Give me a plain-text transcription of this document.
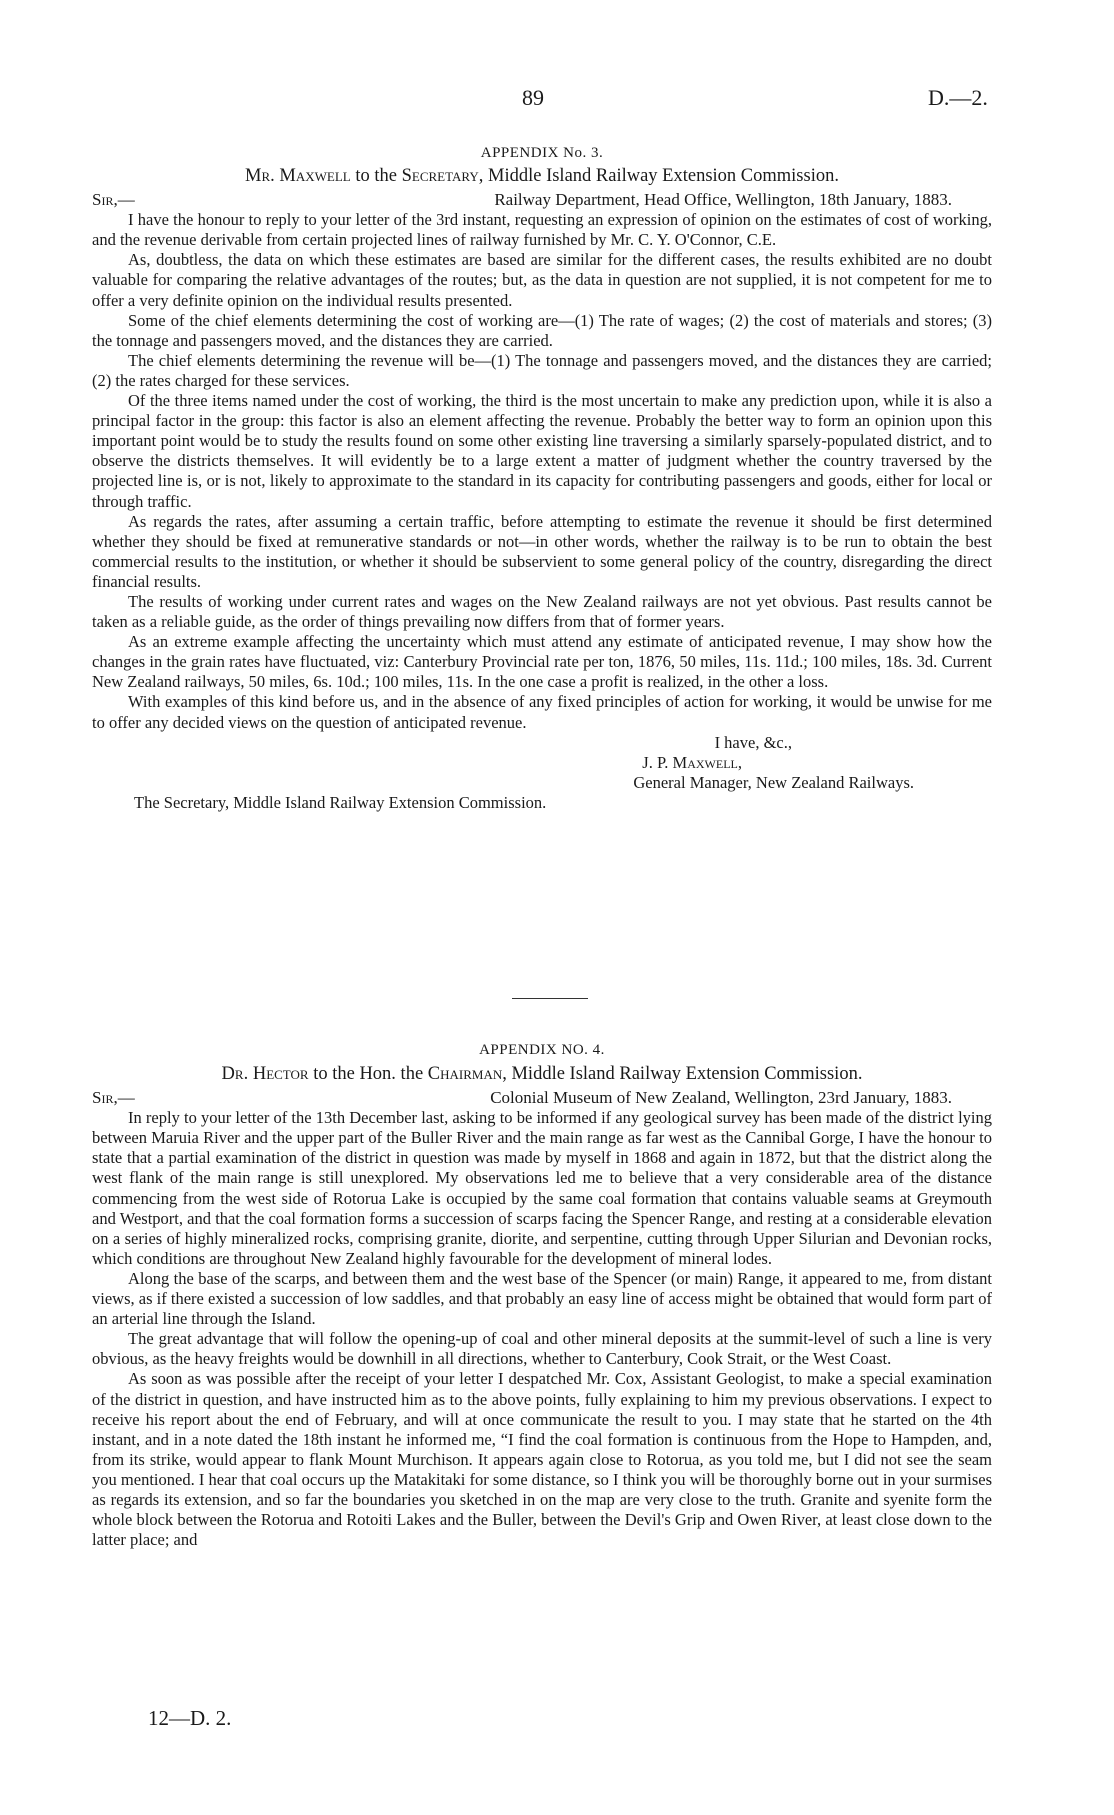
89	D.—2.
APPENDIX No. 3.
Mr. Maxwell to the Secretary, Middle Island Railway Extension Commission.
Sir,—	Railway Department, Head Office, Wellington, 18th January, 1883.

I have the honour to reply to your letter of the 3rd instant, requesting an expression of opinion on the estimates of cost of working, and the revenue derivable from certain projected lines of railway furnished by Mr. C. Y. O'Connor, C.E.

As, doubtless, the data on which these estimates are based are similar for the different cases, the results exhibited are no doubt valuable for comparing the relative advantages of the routes; but, as the data in question are not supplied, it is not competent for me to offer a very definite opinion on the individual results presented.

Some of the chief elements determining the cost of working are—(1) The rate of wages; (2) the cost of materials and stores; (3) the tonnage and passengers moved, and the distances they are carried.

The chief elements determining the revenue will be—(1) The tonnage and passengers moved, and the distances they are carried; (2) the rates charged for these services.

Of the three items named under the cost of working, the third is the most uncertain to make any prediction upon, while it is also a principal factor in the group: this factor is also an element affecting the revenue. Probably the better way to form an opinion upon this important point would be to study the results found on some other existing line traversing a similarly sparsely-populated district, and to observe the districts themselves. It will evidently be to a large extent a matter of judgment whether the country traversed by the projected line is, or is not, likely to approximate to the standard in its capacity for contributing passengers and goods, either for local or through traffic.

As regards the rates, after assuming a certain traffic, before attempting to estimate the revenue it should be first determined whether they should be fixed at remunerative standards or not—in other words, whether the railway is to be run to obtain the best commercial results to the institution, or whether it should be subservient to some general policy of the country, disregarding the direct financial results.

The results of working under current rates and wages on the New Zealand railways are not yet obvious. Past results cannot be taken as a reliable guide, as the order of things prevailing now differs from that of former years.

As an extreme example affecting the uncertainty which must attend any estimate of anticipated revenue, I may show how the changes in the grain rates have fluctuated, viz: Canterbury Provincial rate per ton, 1876, 50 miles, 11s. 11d.; 100 miles, 18s. 3d. Current New Zealand railways, 50 miles, 6s. 10d.; 100 miles, 11s. In the one case a profit is realized, in the other a loss.

With examples of this kind before us, and in the absence of any fixed principles of action for working, it would be unwise for me to offer any decided views on the question of anticipated revenue.

I have, &c.,
J. P. Maxwell,
General Manager, New Zealand Railways.
The Secretary, Middle Island Railway Extension Commission.
APPENDIX NO. 4.
Dr. Hector to the Hon. the Chairman, Middle Island Railway Extension Commission.
Sir,—	Colonial Museum of New Zealand, Wellington, 23rd January, 1883.

In reply to your letter of the 13th December last, asking to be informed if any geological survey has been made of the district lying between Maruia River and the upper part of the Buller River and the main range as far west as the Cannibal Gorge, I have the honour to state that a partial examination of the district in question was made by myself in 1868 and again in 1872, but that the district along the west flank of the main range is still unexplored. My observations led me to believe that a very considerable area of the distance commencing from the west side of Rotorua Lake is occupied by the same coal formation that contains valuable seams at Greymouth and Westport, and that the coal formation forms a succession of scarps facing the Spencer Range, and resting at a considerable elevation on a series of highly mineralized rocks, comprising granite, diorite, and serpentine, cutting through Upper Silurian and Devonian rocks, which conditions are throughout New Zealand highly favourable for the development of mineral lodes.

Along the base of the scarps, and between them and the west base of the Spencer (or main) Range, it appeared to me, from distant views, as if there existed a succession of low saddles, and that probably an easy line of access might be obtained that would form part of an arterial line through the Island.

The great advantage that will follow the opening-up of coal and other mineral deposits at the summit-level of such a line is very obvious, as the heavy freights would be downhill in all directions, whether to Canterbury, Cook Strait, or the West Coast.

As soon as was possible after the receipt of your letter I despatched Mr. Cox, Assistant Geologist, to make a special examination of the district in question, and have instructed him as to the above points, fully explaining to him my previous observations. I expect to receive his report about the end of February, and will at once communicate the result to you. I may state that he started on the 4th instant, and in a note dated the 18th instant he informed me, “I find the coal formation is continuous from the Hope to Hampden, and, from its strike, would appear to flank Mount Murchison. It appears again close to Rotorua, as you told me, but I did not see the seam you mentioned. I hear that coal occurs up the Matakitaki for some distance, so I think you will be thoroughly borne out in your surmises as regards its extension, and so far the boundaries you sketched in on the map are very close to the truth. Granite and syenite form the whole block between the Rotorua and Rotoiti Lakes and the Buller, between the Devil's Grip and Owen River, at least close down to the latter place; and

12—D. 2.
